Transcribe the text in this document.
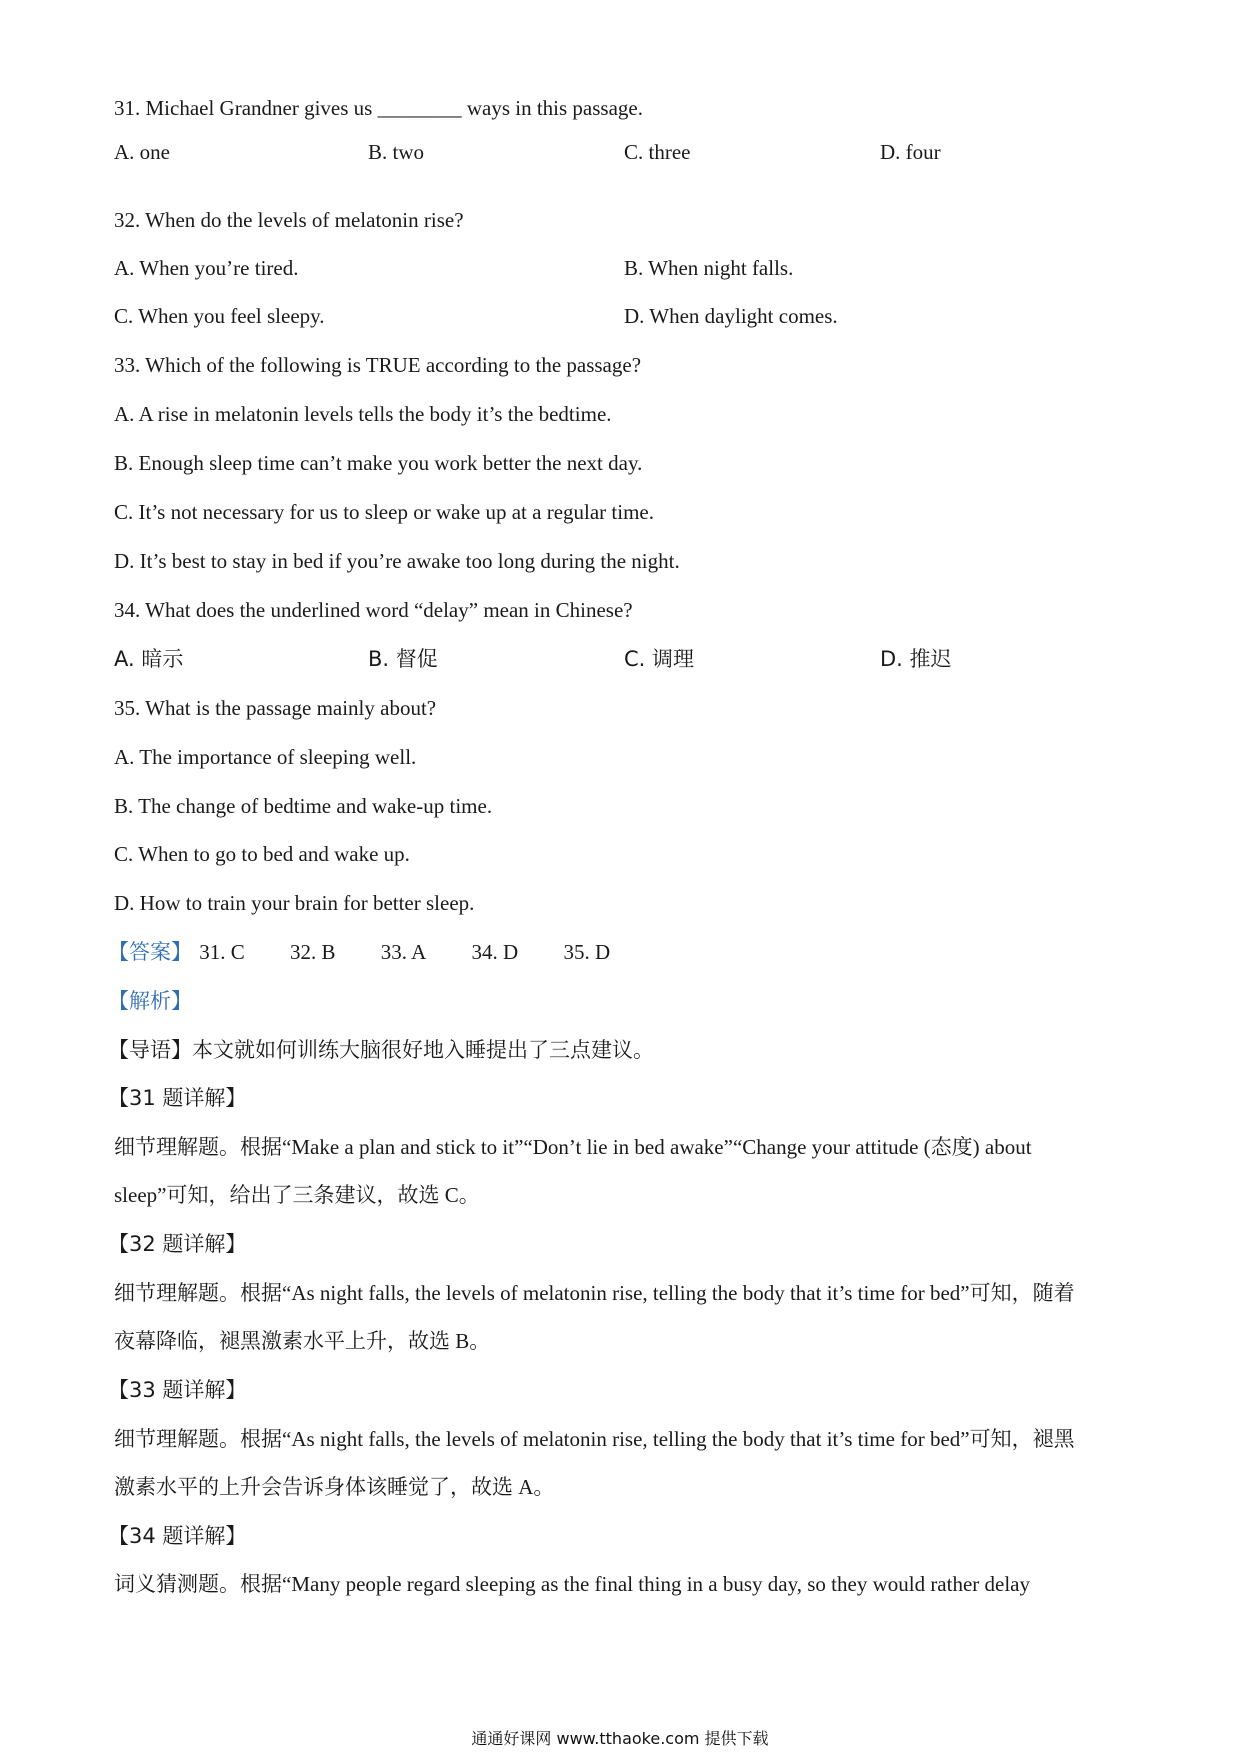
31. Michael Grandner gives us ________ ways in this passage.
A. one	B. two	C. three	D. four
32. When do the levels of melatonin rise?
A. When you’re tired.	B. When night falls.
C. When you feel sleepy.	D. When daylight comes.
33. Which of the following is TRUE according to the passage?
A. A rise in melatonin levels tells the body it’s the bedtime.
B. Enough sleep time can’t make you work better the next day.
C. It’s not necessary for us to sleep or wake up at a regular time.
D. It’s best to stay in bed if you’re awake too long during the night.
34. What does the underlined word “delay” mean in Chinese?
A. 暗示	B. 督促	C. 调理	D. 推迟
35. What is the passage mainly about?
A. The importance of sleeping well.
B. The change of bedtime and wake-up time.
C. When to go to bed and wake up.
D. How to train your brain for better sleep.
【答案】 31. C 32. B 33. A 34. D 35. D
【解析】
【导语】本文就如何训练大脑很好地入睡提出了三点建议。
【31 题详解】
细节理解题。根据“Make a plan and stick to it”“Don’t lie in bed awake”“Change your attitude (态度) about
sleep”可知，给出了三条建议，故选 C。
【32 题详解】
细节理解题。根据“As night falls, the levels of melatonin rise, telling the body that it’s time for bed”可知，随着
夜幕降临，褪黑激素水平上升，故选 B。
【33 题详解】
细节理解题。根据“As night falls, the levels of melatonin rise, telling the body that it’s time for bed”可知，褪黑
激素水平的上升会告诉身体该睡觉了，故选 A。
【34 题详解】
词义猜测题。根据“Many people regard sleeping as the final thing in a busy day, so they would rather delay
通通好课网 www.tthaoke.com 提供下载
